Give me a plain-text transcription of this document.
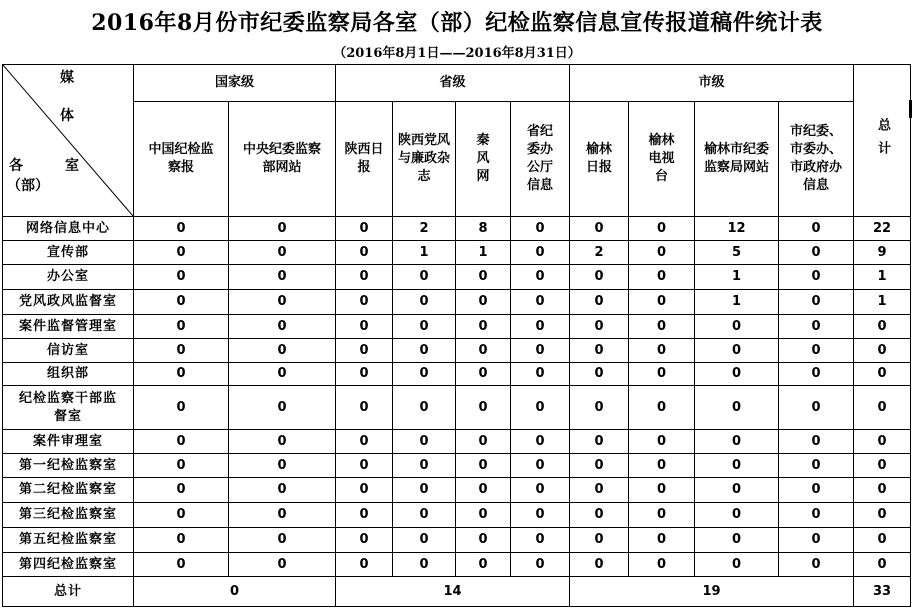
2016年8月份市纪委监察局各室（部）纪检监察信息宣传报道稿件统计表
（2016年8月1日——2016年8月31日）
媒
体
各 室
（部）	国家级		省级				市级				总计
	中国纪检监察报	中央纪委监察部网站	陕西日报	陕西党风与廉政杂志	秦风网	省纪委办公厅信息	榆林日报	榆林电视台	榆林市纪委监察局网站	市纪委、市委办、市政府办信息	
网络信息中心	0	0	0	2	8	0	0	0	12	0	22
宣传部	0	0	0	1	1	0	2	0	5	0	9
办公室	0	0	0	0	0	0	0	0	1	0	1
党风政风监督室	0	0	0	0	0	0	0	0	1	0	1
案件监督管理室	0	0	0	0	0	0	0	0	0	0	0
信访室	0	0	0	0	0	0	0	0	0	0	0
组织部	0	0	0	0	0	0	0	0	0	0	0
纪检监察干部监督室	0	0	0	0	0	0	0	0	0	0	0
案件审理室	0	0	0	0	0	0	0	0	0	0	0
第一纪检监察室	0	0	0	0	0	0	0	0	0	0	0
第二纪检监察室	0	0	0	0	0	0	0	0	0	0	0
第三纪检监察室	0	0	0	0	0	0	0	0	0	0	0
第五纪检监察室	0	0	0	0	0	0	0	0	0	0	0
第四纪检监察室	0	0	0	0	0	0	0	0	0	0	0
总计	0		14				19				33
